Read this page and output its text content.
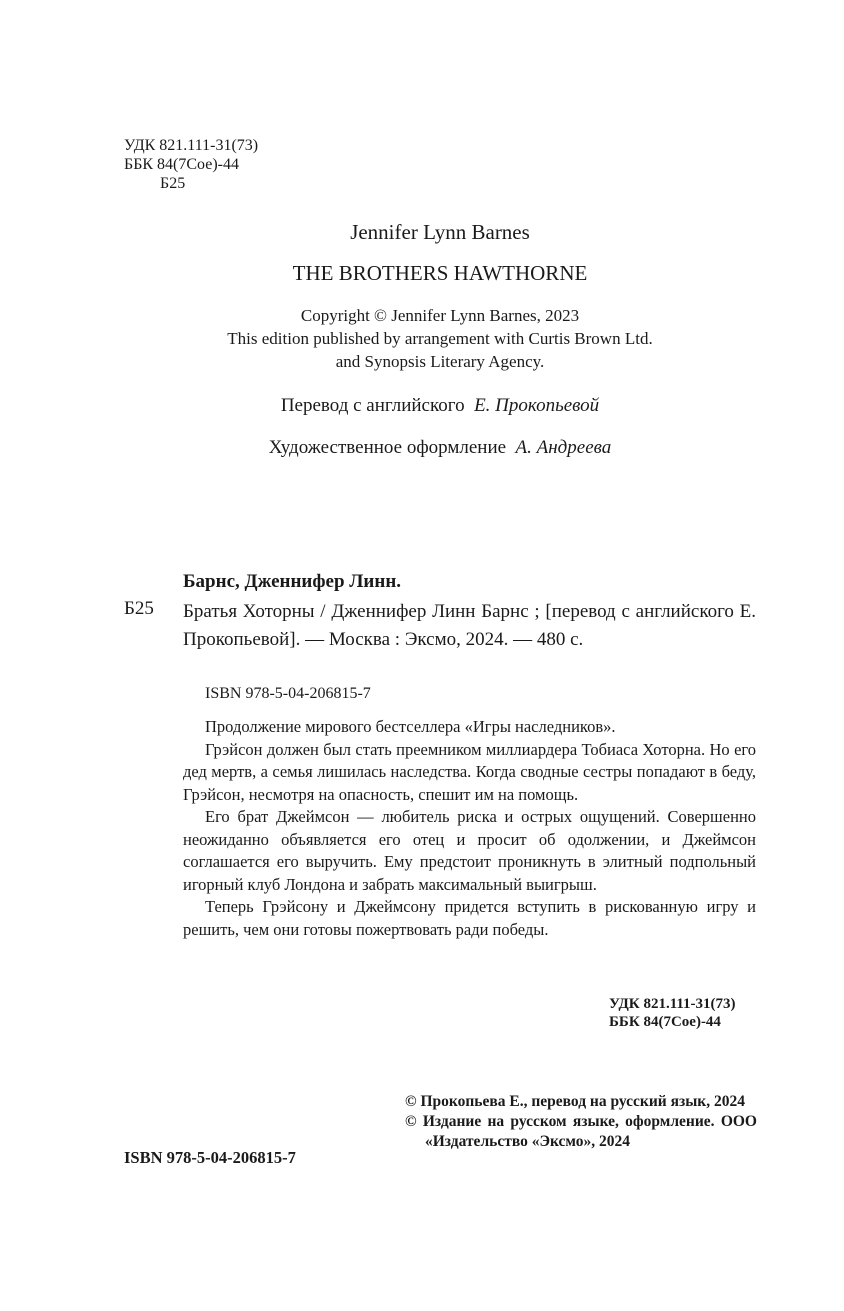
УДК 821.111-31(73)
ББК 84(7Сое)-44
Б25
Jennifer Lynn Barnes
THE BROTHERS HAWTHORNE
Copyright © Jennifer Lynn Barnes, 2023
This edition published by arrangement with Curtis Brown Ltd.
and Synopsis Literary Agency.
Перевод с английского Е. Прокопьевой
Художественное оформление А. Андреева
Барнс, Дженнифер Линн.
Б25 Братья Хоторны / Дженнифер Линн Барнс ; [перевод с английского Е. Прокопьевой]. — Москва : Эксмо, 2024. — 480 с.
ISBN 978-5-04-206815-7

Продолжение мирового бестселлера «Игры наследников».

Грэйсон должен был стать преемником миллиардера Тобиаса Хоторна. Но его дед мертв, а семья лишилась наследства. Когда сводные сестры попадают в беду, Грэйсон, несмотря на опасность, спешит им на помощь.

Его брат Джеймсон — любитель риска и острых ощущений. Совершенно неожиданно объявляется его отец и просит об одолжении, и Джеймсон соглашается его выручить. Ему предстоит проникнуть в элитный подпольный игорный клуб Лондона и забрать максимальный выигрыш.

Теперь Грэйсону и Джеймсону придется вступить в рискованную игру и решить, чем они готовы пожертвовать ради победы.

УДК 821.111-31(73)
ББК 84(7Сое)-44
© Прокопьева Е., перевод на русский язык, 2024
© Издание на русском языке, оформление. ООО «Издательство «Эксмо», 2024
ISBN 978-5-04-206815-7
